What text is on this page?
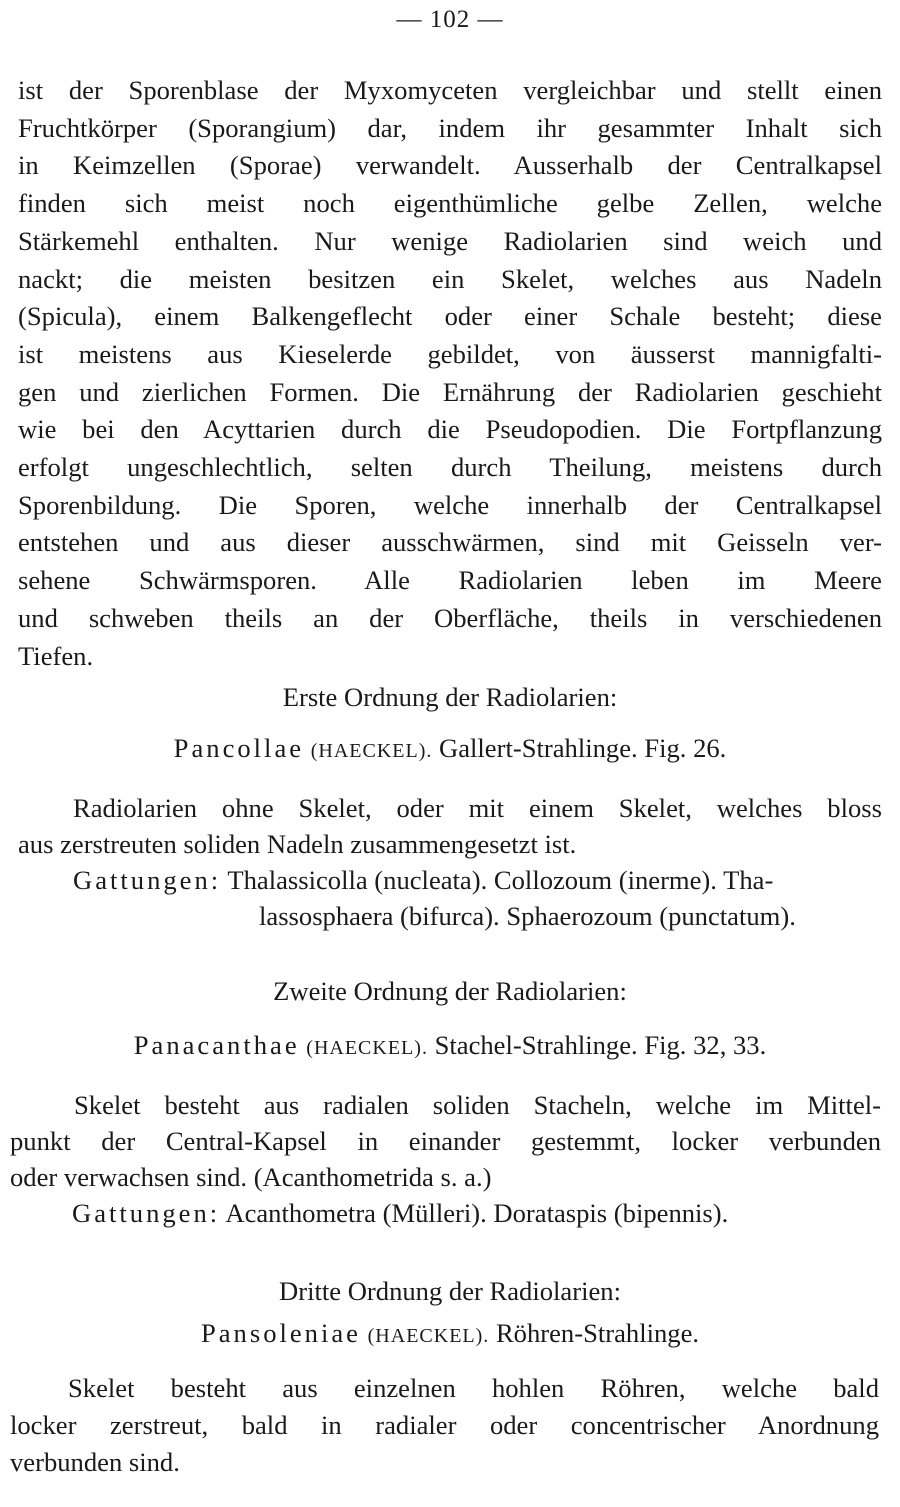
— 102 —

ist der Sporenblase der Myxomyceten vergleichbar und stellt einen

Fruchtkörper (Sporangium) dar, indem ihr gesammter Inhalt sich

in Keimzellen (Sporae) verwandelt. Ausserhalb der Centralkapsel

finden sich meist noch eigenthümliche gelbe Zellen, welche

Stärkemehl enthalten. Nur wenige Radiolarien sind weich und

nackt; die meisten besitzen ein Skelet, welches aus Nadeln

(Spicula), einem Balkengeflecht oder einer Schale besteht; diese

ist meistens aus Kieselerde gebildet, von äusserst mannigfalti-

gen und zierlichen Formen. Die Ernährung der Radiolarien geschieht

wie bei den Acyttarien durch die Pseudopodien. Die Fortpflanzung

erfolgt ungeschlechtlich, selten durch Theilung, meistens durch

Sporenbildung. Die Sporen, welche innerhalb der Centralkapsel

entstehen und aus dieser ausschwärmen, sind mit Geisseln ver-

sehene Schwärmsporen. Alle Radiolarien leben im Meere

und schweben theils an der Oberfläche, theils in verschiedenen

Tiefen.

Erste Ordnung der Radiolarien:
Pancollae (HAECKEL). Gallert-Strahlinge. Fig. 26.

Radiolarien ohne Skelet, oder mit einem Skelet, welches bloss

aus zerstreuten soliden Nadeln zusammengesetzt ist.

Gattungen: Thalassicolla (nucleata). Collozoum (inerme). Tha-
lassosphaera (bifurca). Sphaerozoum (punctatum).
Zweite Ordnung der Radiolarien:
Panacanthae (HAECKEL). Stachel-Strahlinge. Fig. 32, 33.

Skelet besteht aus radialen soliden Stacheln, welche im Mittel-

punkt der Central-Kapsel in einander gestemmt, locker verbunden

oder verwachsen sind. (Acanthometrida s. a.)

Gattungen: Acanthometra (Mülleri). Dorataspis (bipennis).
Dritte Ordnung der Radiolarien:
Pansoleniae (HAECKEL). Röhren-Strahlinge.

Skelet besteht aus einzelnen hohlen Röhren, welche bald

locker zerstreut, bald in radialer oder concentrischer Anordnung

verbunden sind.
